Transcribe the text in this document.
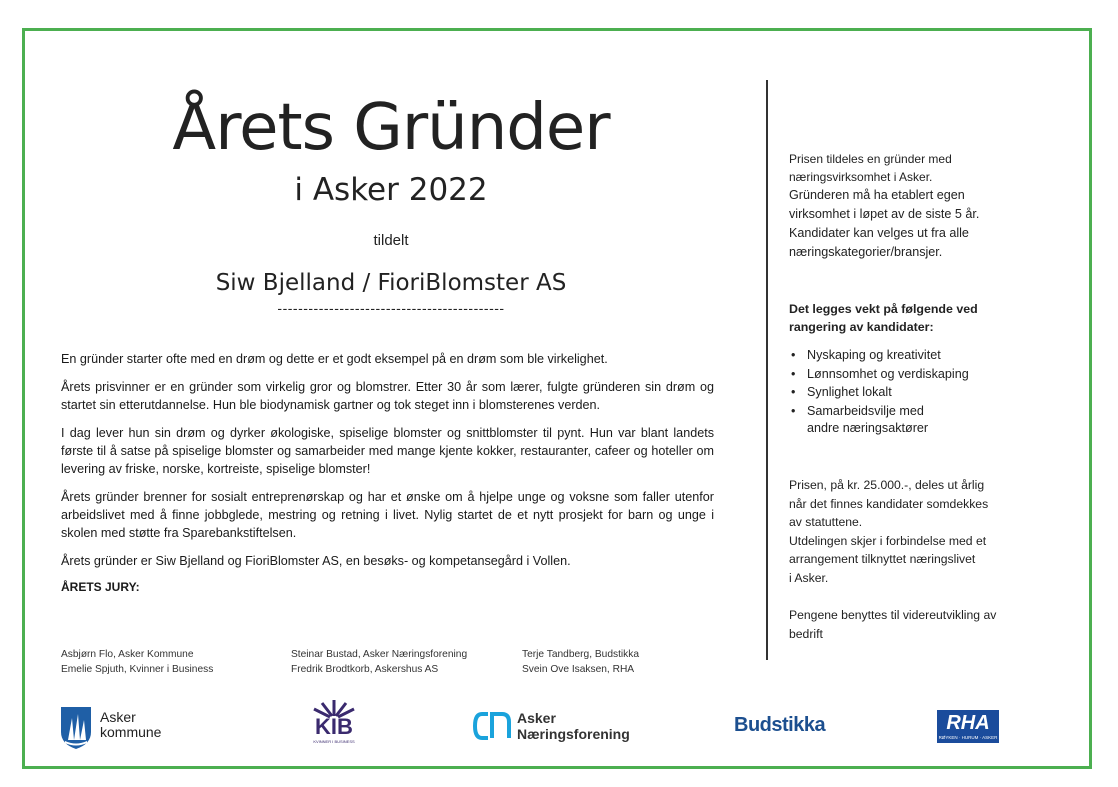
Årets Gründer
i Asker 2022
tildelt
Siw Bjelland / FioriBlomster AS
--------------------------------------------

En gründer starter ofte med en drøm og dette er et godt eksempel på en drøm som ble virkelighet.

Årets prisvinner er en gründer som virkelig gror og blomstrer. Etter 30 år som lærer, fulgte gründeren sin drøm og startet sin etterutdannelse. Hun ble biodynamisk gartner og tok steget inn i blomsterenes verden.

I dag lever hun sin drøm og dyrker økologiske, spiselige blomster og snittblomster til pynt. Hun var blant landets første til å satse på spiselige blomster og samarbeider med mange kjente kokker, restauranter, cafeer og hoteller om levering av friske, norske, kortreiste, spiselige blomster!

Årets gründer brenner for sosialt entreprenørskap og har et ønske om å hjelpe unge og voksne som faller utenfor arbeidslivet med å finne jobbglede, mestring og retning i livet. Nylig startet de et nytt prosjekt for barn og unge i skolen med støtte fra Sparebankstiftelsen.

Årets gründer er Siw Bjelland og FioriBlomster AS, en besøks- og kompetansegård i Vollen.

ÅRETS JURY:
Asbjørn Flo, Asker Kommune
Emelie Spjuth, Kvinner i Business
Steinar Bustad, Asker Næringsforening
Fredrik Brodtkorb, Askershus AS
Terje Tandberg, Budstikka
Svein Ove Isaksen, RHA

Prisen tildeles en gründer med

næringsvirksomhet i Asker.

Gründeren må ha etablert egen

virksomhet i løpet av de siste 5 år.

Kandidater kan velges ut fra alle

næringskategorier/bransjer.

Det legges vekt på følgende ved

rangering av kandidater:

• Nyskaping og kreativitet
• Lønnsomhet og verdiskaping
• Synlighet lokalt
• Samarbeidsvilje med
andre næringsaktører

Prisen, på kr. 25.000.-, deles ut årlig

når det finnes kandidater somdekkes

av statuttene.

Utdelingen skjer i forbindelse med et

arrangement tilknyttet næringslivet

i Asker.

Pengene benyttes til videreutvikling av

bedrift

Asker
kommune	KIB
KVINNER I BUSINESS
Asker
Næringsforening	Budstikka	RHA
RØYKEN · HURUM · ASKER
